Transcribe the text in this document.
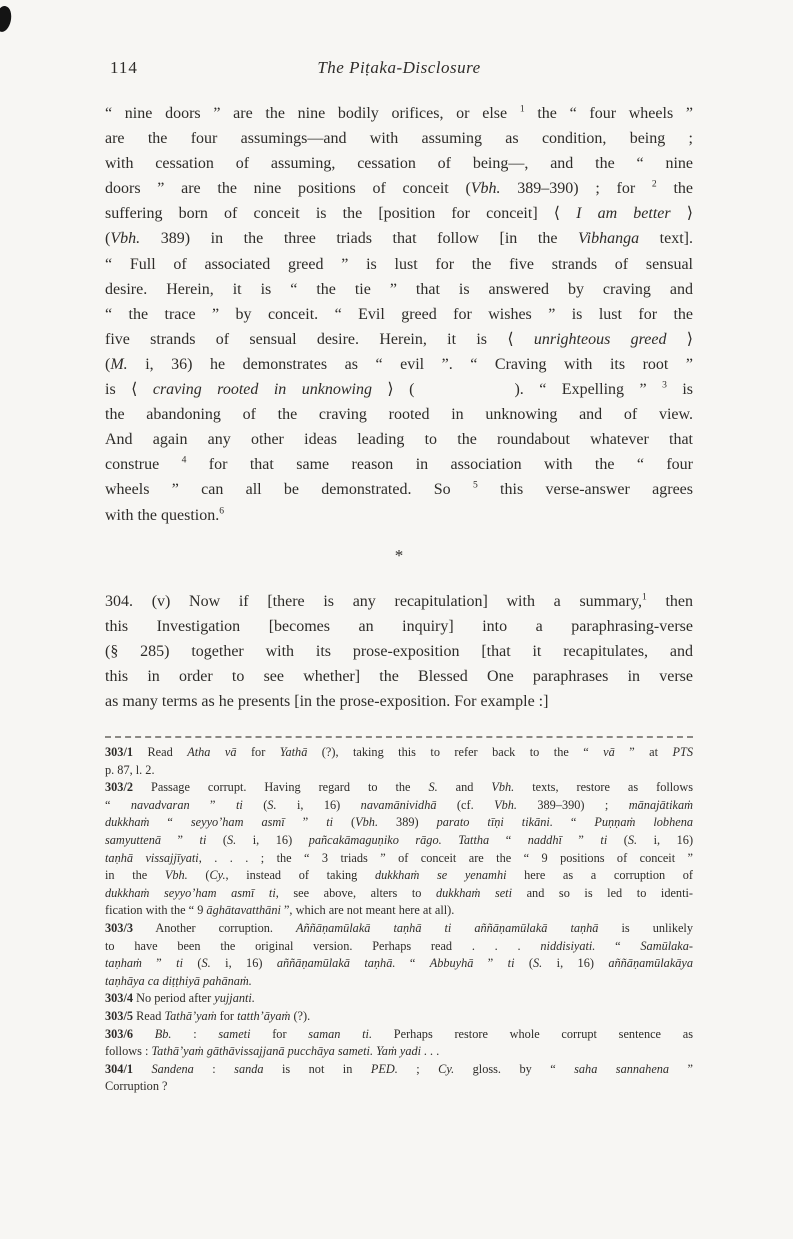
114	The Piṭaka-Disclosure
“ nine doors ” are the nine bodily orifices, or else $^1$ the “ four wheels ”
are the four assumings—and with assuming as condition, being ;
with cessation of assuming, cessation of being—, and the “ nine
doors ” are the nine positions of conceit (Vbh. 389–390) ; for $^2$ the
suffering born of conceit is the [position for conceit] ⟨ I am better ⟩
(Vbh. 389) in the three triads that follow [in the Vibhanga text].
“ Full of associated greed ” is lust for the five strands of sensual
desire. Herein, it is “ the tie ” that is answered by craving and
“ the trace ” by conceit. “ Evil greed for wishes ” is lust for the
five strands of sensual desire. Herein, it is ⟨ unrighteous greed ⟩
(M. i, 36) he demonstrates as “ evil ”. “ Craving with its root ”
is ⟨ craving rooted in unknowing ⟩ (	). “ Expelling ” $^3$ is
the abandoning of the craving rooted in unknowing and of view.
And again any other ideas leading to the roundabout whatever that
construe $^4$ for that same reason in association with the “ four
wheels ” can all be demonstrated. So $^5$ this verse-answer agrees
with the question.$^6$
*
304. (v) Now if [there is any recapitulation] with a summary,$^1$ then
this Investigation [becomes an inquiry] into a paraphrasing-verse
(§ 285) together with its prose-exposition [that it recapitulates, and
this in order to see whether] the Blessed One paraphrases in verse
as many terms as he presents [in the prose-exposition. For example :]
303/1 Read Atha vā for Yathā (?), taking this to refer back to the “ vā ” at PTS
p. 87, l. 2.
303/2 Passage corrupt. Having regard to the S. and Vbh. texts, restore as follows
“ navadvaran ” ti (S. i, 16) navamānividhā (cf. Vbh. 389–390) ; mānajātikaṁ
dukkhaṁ “ seyyo’ham asmī ” ti (Vbh. 389) parato tīṇi tikāni. “ Puṇṇaṁ lobhena
samyuttenā ” ti (S. i, 16) pañcakāmaguṇiko rāgo. Tattha “ naddhī ” ti (S. i, 16)
taṇhā vissajjīyati, . . . ; the “ 3 triads ” of conceit are the “ 9 positions of conceit ”
in the Vbh. (Cy., instead of taking dukkhaṁ se yenamhi here as a corruption of
dukkhaṁ seyyo’ham asmī ti, see above, alters to dukkhaṁ seti and so is led to identi-
fication with the “ 9 āghātavatthāni ”, which are not meant here at all).
303/3 Another corruption. Aññāṇamūlakā taṇhā ti aññāṇamūlakā taṇhā is unlikely
to have been the original version. Perhaps read . . . niddisiyati. “ Samūlaka-
taṇhaṁ ” ti (S. i, 16) aññāṇamūlakā taṇhā. “ Abbuyhā ” ti (S. i, 16) aññāṇamūlakāya
taṇhāya ca diṭṭhiyā pahānaṁ.
303/4 No period after yujjanti.
303/5 Read Tathā’yaṁ for tatth’āyaṁ (?).
303/6 Bb. : sameti for saman ti. Perhaps restore whole corrupt sentence as
follows : Tathā’yaṁ gāthāvissajjanā pucchāya sameti. Yaṁ yadi . . .
304/1 Sandena : sanda is not in PED. ; Cy. gloss. by “ saha sannahena ”
Corruption ?
